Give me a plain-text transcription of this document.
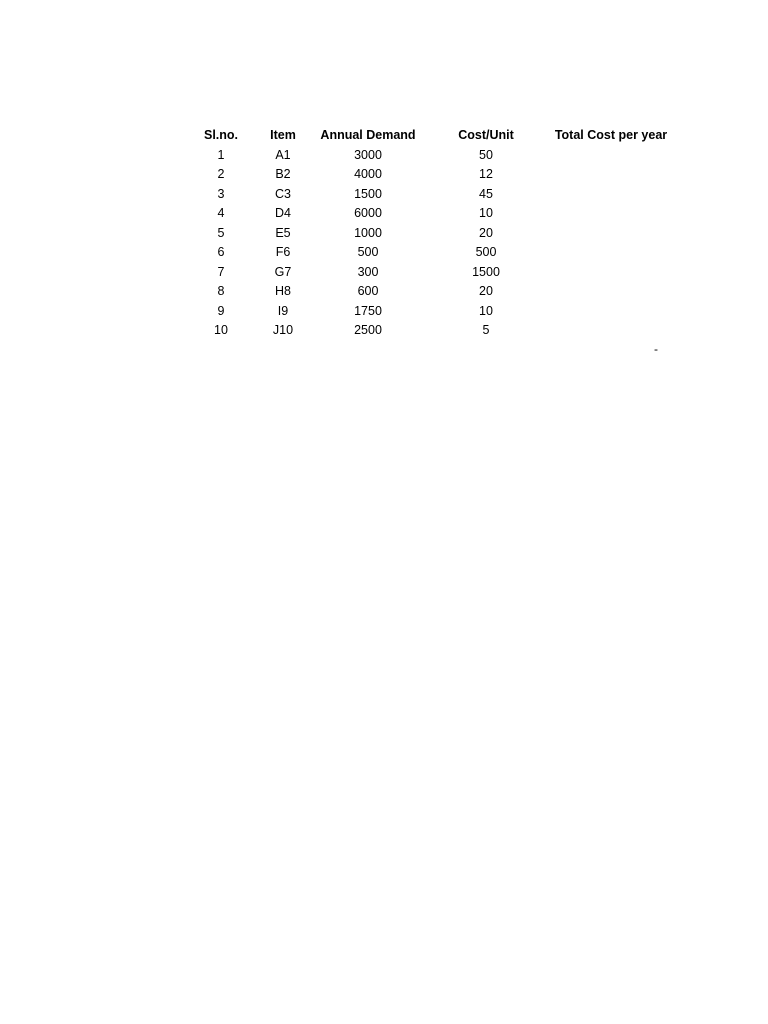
Sl.no.	Item	Annual Demand	Cost/Unit	Total Cost per year
1	A1	3000	50
2	B2	4000	12
3	C3	1500	45
4	D4	6000	10
5	E5	1000	20
6	F6	500	500
7	G7	300	1500
8	H8	600	20
9	I9	1750	10
10	J10	2500	5
-
